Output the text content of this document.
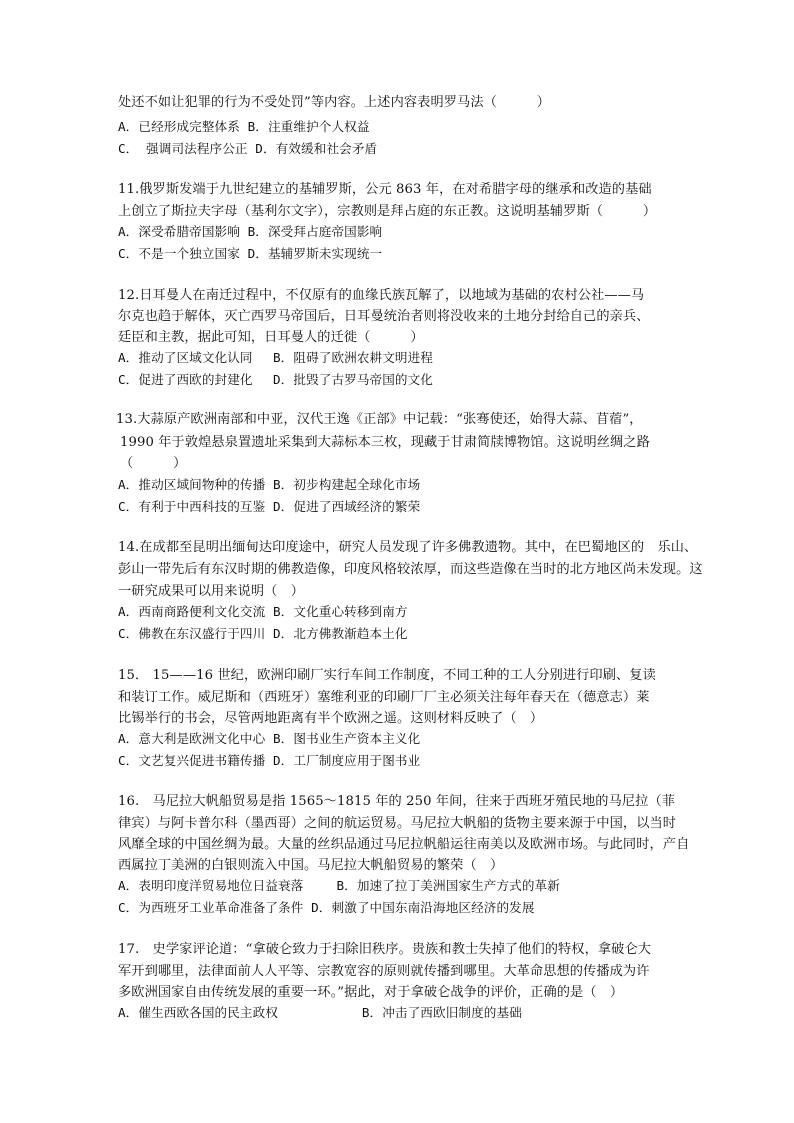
处还不如让犯罪的行为不受处罚”等内容。上述内容表明罗马法（　　　）
A．已经形成完整体系 B．注重维护个人权益
C． 强调司法程序公正 D．有效缓和社会矛盾
11.俄罗斯发端于九世纪建立的基辅罗斯，公元 863 年，在对希腊字母的继承和改造的基础
上创立了斯拉夫字母（基利尔文字），宗教则是拜占庭的东正教。这说明基辅罗斯（　　　）
A．深受希腊帝国影响 B．深受拜占庭帝国影响
C．不是一个独立国家 D．基辅罗斯未实现统一
12.日耳曼人在南迁过程中，不仅原有的血缘氏族瓦解了，以地域为基础的农村公社——马
尔克也趋于解体，灭亡西罗马帝国后，日耳曼统治者则将没收来的土地分封给自己的亲兵、
廷臣和主教，据此可知，日耳曼人的迁徙（　　　）
A．推动了区域文化认同　 B．阻碍了欧洲农耕文明进程
C．促进了西欧的封建化　 D．批毁了古罗马帝国的文化
13.大蒜原产欧洲南部和中亚，汉代王逸《正部》中记载：“张骞使还，始得大蒜、苜蓿”，
1990 年于敦煌悬泉置遗址采集到大蒜标本三枚，现藏于甘肃简牍博物馆。这说明丝绸之路
（　　　）
A．推动区域间物种的传播 B．初步构建起全球化市场
C．有利于中西科技的互鉴 D．促进了西域经济的繁荣
14.在成都至昆明出缅甸达印度途中，研究人员发现了许多佛教遗物。其中，在巴蜀地区的　乐山、
彭山一带先后有东汉时期的佛教造像，印度风格较浓厚，而这些造像在当时的北方地区尚未发现。这
一研究成果可以用来说明（　）
A．西南商路便利文化交流 B．文化重心转移到南方
C．佛教在东汉盛行于四川 D．北方佛教渐趋本土化
15． 15——16 世纪，欧洲印刷厂实行车间工作制度，不同工种的工人分别进行印刷、复读
和装订工作。威尼斯和（西班牙）塞维利亚的印刷厂厂主必须关注每年春天在（德意志）莱
比锡举行的书会，尽管两地距离有半个欧洲之遥。这则材料反映了（　）
A．意大利是欧洲文化中心 B．图书业生产资本主义化
C．文艺复兴促进书籍传播 D．工厂制度应用于图书业
16.　马尼拉大帆船贸易是指 1565～1815 年的 250 年间，往来于西班牙殖民地的马尼拉（菲
律宾）与阿卡普尔科（墨西哥）之间的航运贸易。马尼拉大帆船的货物主要来源于中国，以当时
风靡全球的中国丝绸为最。大量的丝织品通过马尼拉帆船运往南美以及欧洲市场。与此同时，产自
西属拉丁美洲的白银则流入中国。马尼拉大帆船贸易的繁荣（　）
A．表明印度洋贸易地位日益衰落　　 B．加速了拉丁美洲国家生产方式的革新
C．为西班牙工业革命准备了条件 D．刺激了中国东南沿海地区经济的发展
17.　史学家评论道：“拿破仑致力于扫除旧秩序。贵族和教士失掉了他们的特权，拿破仑大
军开到哪里，法律面前人人平等、宗教宽容的原则就传播到哪里。大革命思想的传播成为许
多欧洲国家自由传统发展的重要一环。”据此，对于拿破仑战争的评价，正确的是（　）
A．催生西欧各国的民主政权　　　　　　 B．冲击了西欧旧制度的基础
